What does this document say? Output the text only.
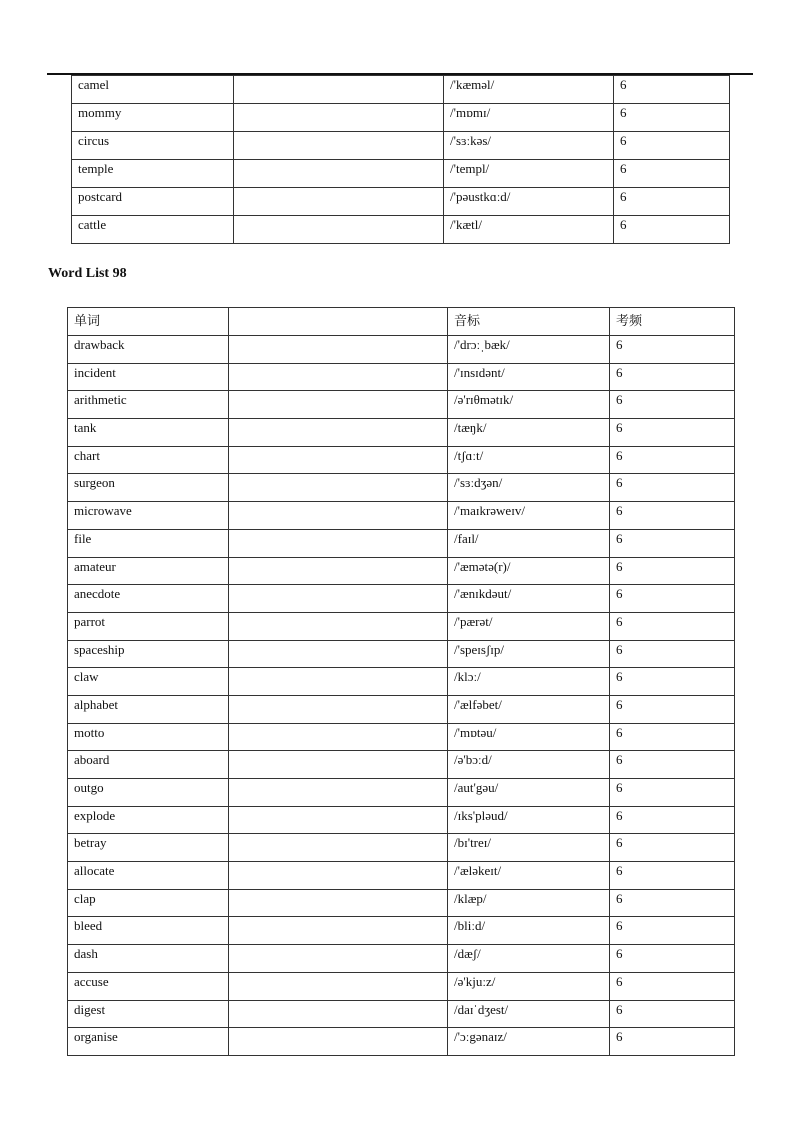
camel		/'kæməl/	6
mommy		/'mɒmɪ/	6
circus		/'sɜːkəs/	6
temple		/'templ/	6
postcard		/'pəustkɑːd/	6
cattle		/'kætl/	6
Word List 98
单词		音标	考频
drawback		/'drɔːˌbæk/	6
incident		/'ɪnsɪdənt/	6
arithmetic		/ə'rɪθmətɪk/	6
tank		/tæŋk/	6
chart		/tʃɑːt/	6
surgeon		/'sɜːdʒən/	6
microwave		/'maɪkrəweɪv/	6
file		/faɪl/	6
amateur		/'æmətə(r)/	6
anecdote		/'ænɪkdəut/	6
parrot		/'pærət/	6
spaceship		/'speɪsʃɪp/	6
claw		/klɔː/	6
alphabet		/'ælfəbet/	6
motto		/'mɒtəu/	6
aboard		/ə'bɔːd/	6
outgo		/aut'gəu/	6
explode		/ɪks'pləud/	6
betray		/bɪ'treɪ/	6
allocate		/'æləkeɪt/	6
clap		/klæp/	6
bleed		/bliːd/	6
dash		/dæʃ/	6
accuse		/ə'kjuːz/	6
digest		/daɪˈdʒest/	6
organise		/'ɔːgənaɪz/	6
